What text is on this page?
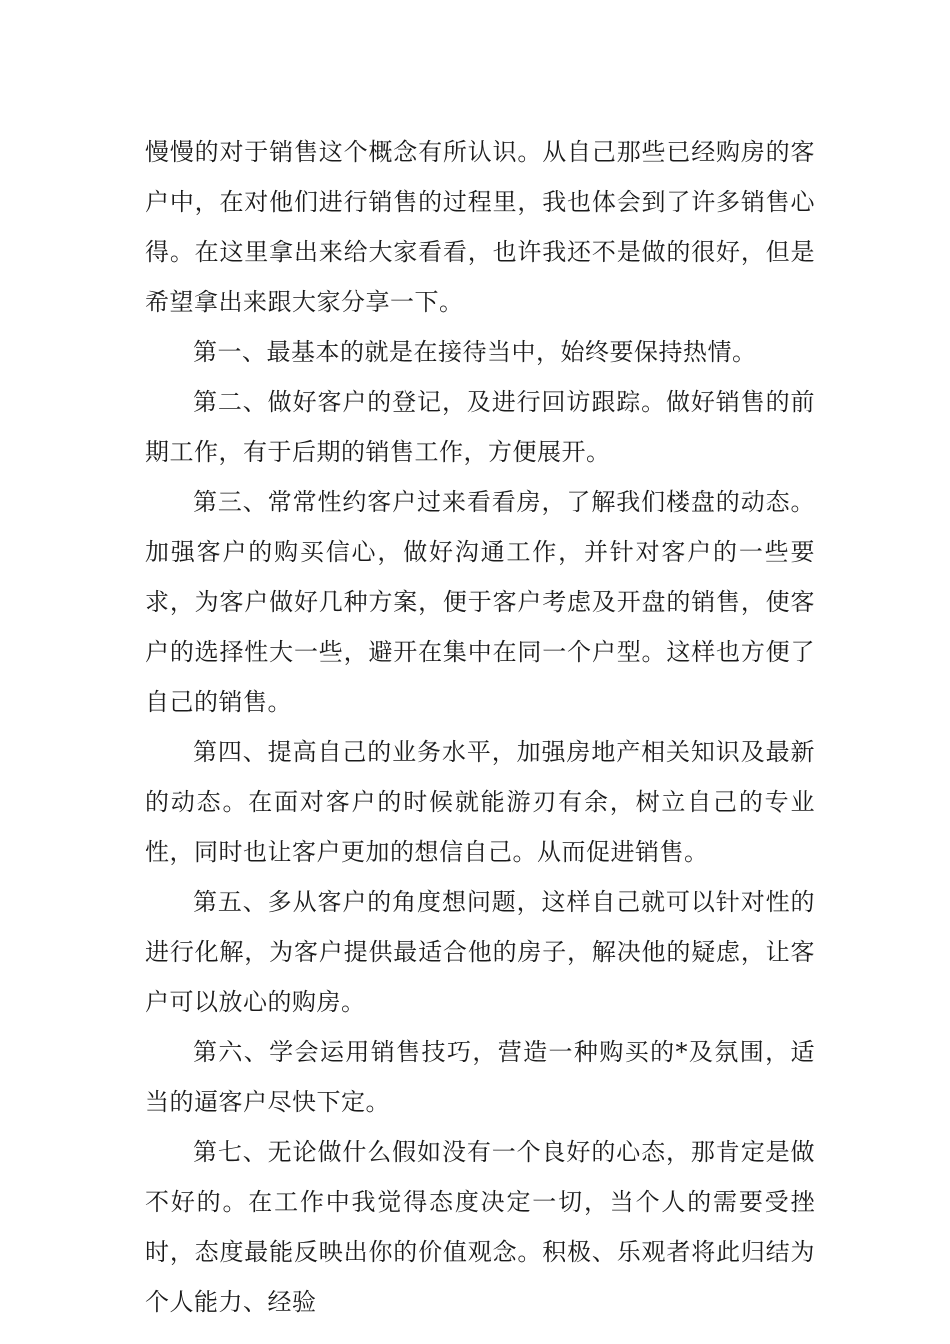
慢慢的对于销售这个概念有所认识。从自己那些已经购房的客户中，在对他们进行销售的过程里，我也体会到了许多销售心得。在这里拿出来给大家看看，也许我还不是做的很好，但是希望拿出来跟大家分享一下。

第一、最基本的就是在接待当中，始终要保持热情。

第二、做好客户的登记，及进行回访跟踪。做好销售的前期工作，有于后期的销售工作，方便展开。

第三、常常性约客户过来看看房，了解我们楼盘的动态。加强客户的购买信心，做好沟通工作，并针对客户的一些要求，为客户做好几种方案，便于客户考虑及开盘的销售，使客户的选择性大一些，避开在集中在同一个户型。这样也方便了自己的销售。

第四、提高自己的业务水平，加强房地产相关知识及最新的动态。在面对客户的时候就能游刃有余，树立自己的专业性，同时也让客户更加的想信自己。从而促进销售。

第五、多从客户的角度想问题，这样自己就可以针对性的进行化解，为客户提供最适合他的房子，解决他的疑虑，让客户可以放心的购房。

第六、学会运用销售技巧，营造一种购买的*及氛围，适当的逼客户尽快下定。

第七、无论做什么假如没有一个良好的心态，那肯定是做不好的。在工作中我觉得态度决定一切，当个人的需要受挫时，态度最能反映出你的价值观念。积极、乐观者将此归结为个人能力、经验
